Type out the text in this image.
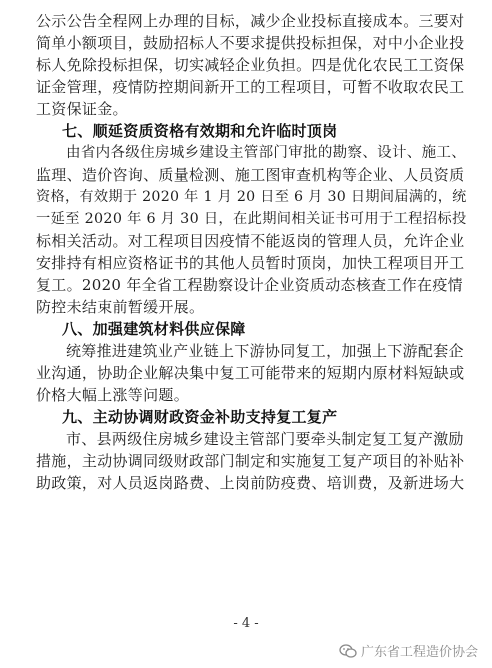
公示公告全程网上办理的目标，减少企业投标直接成本。三要对
简单小额项目，鼓励招标人不要求提供投标担保，对中小企业投
标人免除投标担保，切实减轻企业负担。四是优化农民工工资保
证金管理，疫情防控期间新开工的工程项目，可暂不收取农民工
工资保证金。
七、顺延资质资格有效期和允许临时顶岗
由省内各级住房城乡建设主管部门审批的勘察、设计、施工、
监理、造价咨询、质量检测、施工图审查机构等企业、人员资质
资格，有效期于 2020 年 1 月 20 日至 6 月 30 日期间届满的，统
一延至 2020 年 6 月 30 日，在此期间相关证书可用于工程招标投
标相关活动。对工程项目因疫情不能返岗的管理人员，允许企业
安排持有相应资格证书的其他人员暂时顶岗，加快工程项目开工
复工。2020 年全省工程勘察设计企业资质动态核查工作在疫情
防控未结束前暂缓开展。
八、加强建筑材料供应保障
统筹推进建筑业产业链上下游协同复工，加强上下游配套企
业沟通，协助企业解决集中复工可能带来的短期内原材料短缺或
价格大幅上涨等问题。
九、主动协调财政资金补助支持复工复产
市、县两级住房城乡建设主管部门要牵头制定复工复产激励
措施，主动协调同级财政部门制定和实施复工复产项目的补贴补
助政策，对人员返岗路费、上岗前防疫费、培训费，及新进场大
- 4 -
广东省工程造价协会
